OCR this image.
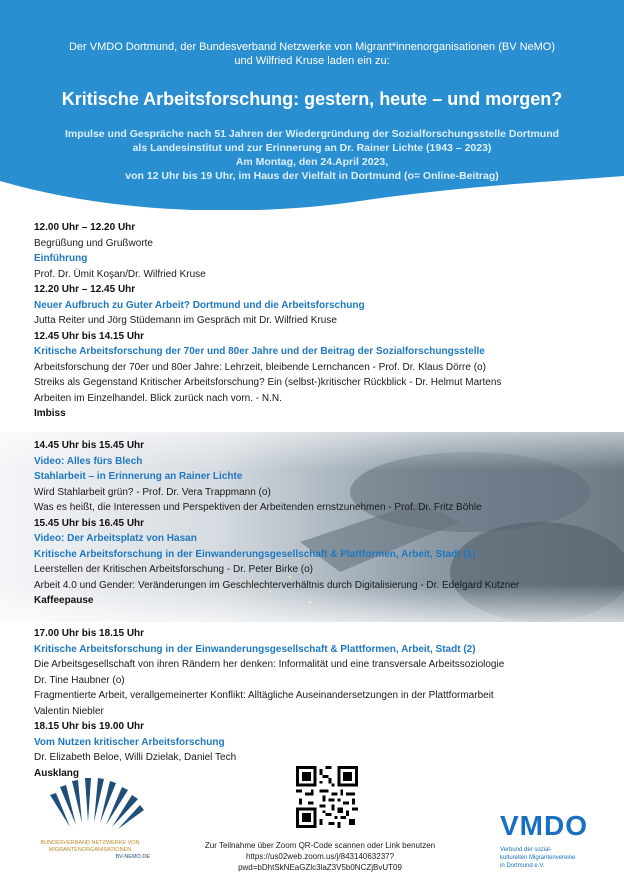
Der VMDO Dortmund, der Bundesverband Netzwerke von Migrant*innenorganisationen (BV NeMO)
und Wilfried Kruse laden ein zu:
Kritische Arbeitsforschung: gestern, heute – und morgen?
Impulse und Gespräche nach 51 Jahren der Wiedergründung der Sozialforschungsstelle Dortmund
als Landesinstitut und zur Erinnerung an Dr. Rainer Lichte (1943 – 2023)
Am Montag, den 24.April 2023,
von 12 Uhr bis 19 Uhr, im Haus der Vielfalt in Dortmund (o= Online-Beitrag)
12.00 Uhr – 12.20 Uhr
Begrüßung und Grußworte
Einführung
Prof. Dr. Ümit Koşan/Dr. Wilfried Kruse
12.20 Uhr – 12.45 Uhr
Neuer Aufbruch zu Guter Arbeit? Dortmund und die Arbeitsforschung
Jutta Reiter und Jörg Stüdemann im Gespräch mit Dr. Wilfried Kruse
12.45 Uhr bis 14.15 Uhr
Kritische Arbeitsforschung der 70er und 80er Jahre und der Beitrag der Sozialforschungsstelle
Arbeitsforschung der 70er und 80er Jahre: Lehrzeit, bleibende Lernchancen - Prof. Dr. Klaus Dörre (o)
Streiks als Gegenstand Kritischer Arbeitsforschung? Ein (selbst-)kritischer Rückblick - Dr. Helmut Martens
Arbeiten im Einzelhandel. Blick zurück nach vorn. - N.N.
Imbiss
14.45 Uhr bis 15.45 Uhr
Video: Alles fürs Blech
Stahlarbeit – in Erinnerung an Rainer Lichte
Wird Stahlarbeit grün? - Prof. Dr. Vera Trappmann (o)
Was es heißt, die Interessen und Perspektiven der Arbeitenden ernstzunehmen - Prof. Dr. Fritz Böhle
15.45 Uhr bis 16.45 Uhr
Video: Der Arbeitsplatz von Hasan
Kritische Arbeitsforschung in der Einwanderungsgesellschaft & Plattformen, Arbeit, Stadt (1)
Leerstellen der Kritischen Arbeitsforschung - Dr. Peter Birke (o)
Arbeit 4.0 und Gender: Veränderungen im Geschlechterverhältnis durch Digitalisierung - Dr. Edelgard Kutzner
Kaffeepause
17.00 Uhr bis 18.15 Uhr
Kritische Arbeitsforschung in der Einwanderungsgesellschaft & Plattformen, Arbeit, Stadt (2)
Die Arbeitsgesellschaft von ihren Rändern her denken: Informalität und eine transversale Arbeitssoziologie
Dr. Tine Haubner (o)
Fragmentierte Arbeit, verallgemeinerter Konflikt: Alltägliche Auseinandersetzungen in der Plattformarbeit
Valentin Niebler
18.15 Uhr bis 19.00 Uhr
Vom Nutzen kritischer Arbeitsforschung
Dr. Elizabeth Beloe, Willi Dzielak, Daniel Tech
Ausklang
BUNDESVERBAND NETZWERKE VON
MIGRANTENORGANISATIONEN
BV-NEMO.DE
Zur Teilnahme über Zoom QR-Code scannen oder Link benutzen
https://us02web.zoom.us/j/84314063237?pwd=bDhtSkNEaGZlc3laZ3V5b0NCZjBvUT09
VMDO
Verbund der sozial-
kulturellen Migrantenvereine
in Dortmund e.V.
